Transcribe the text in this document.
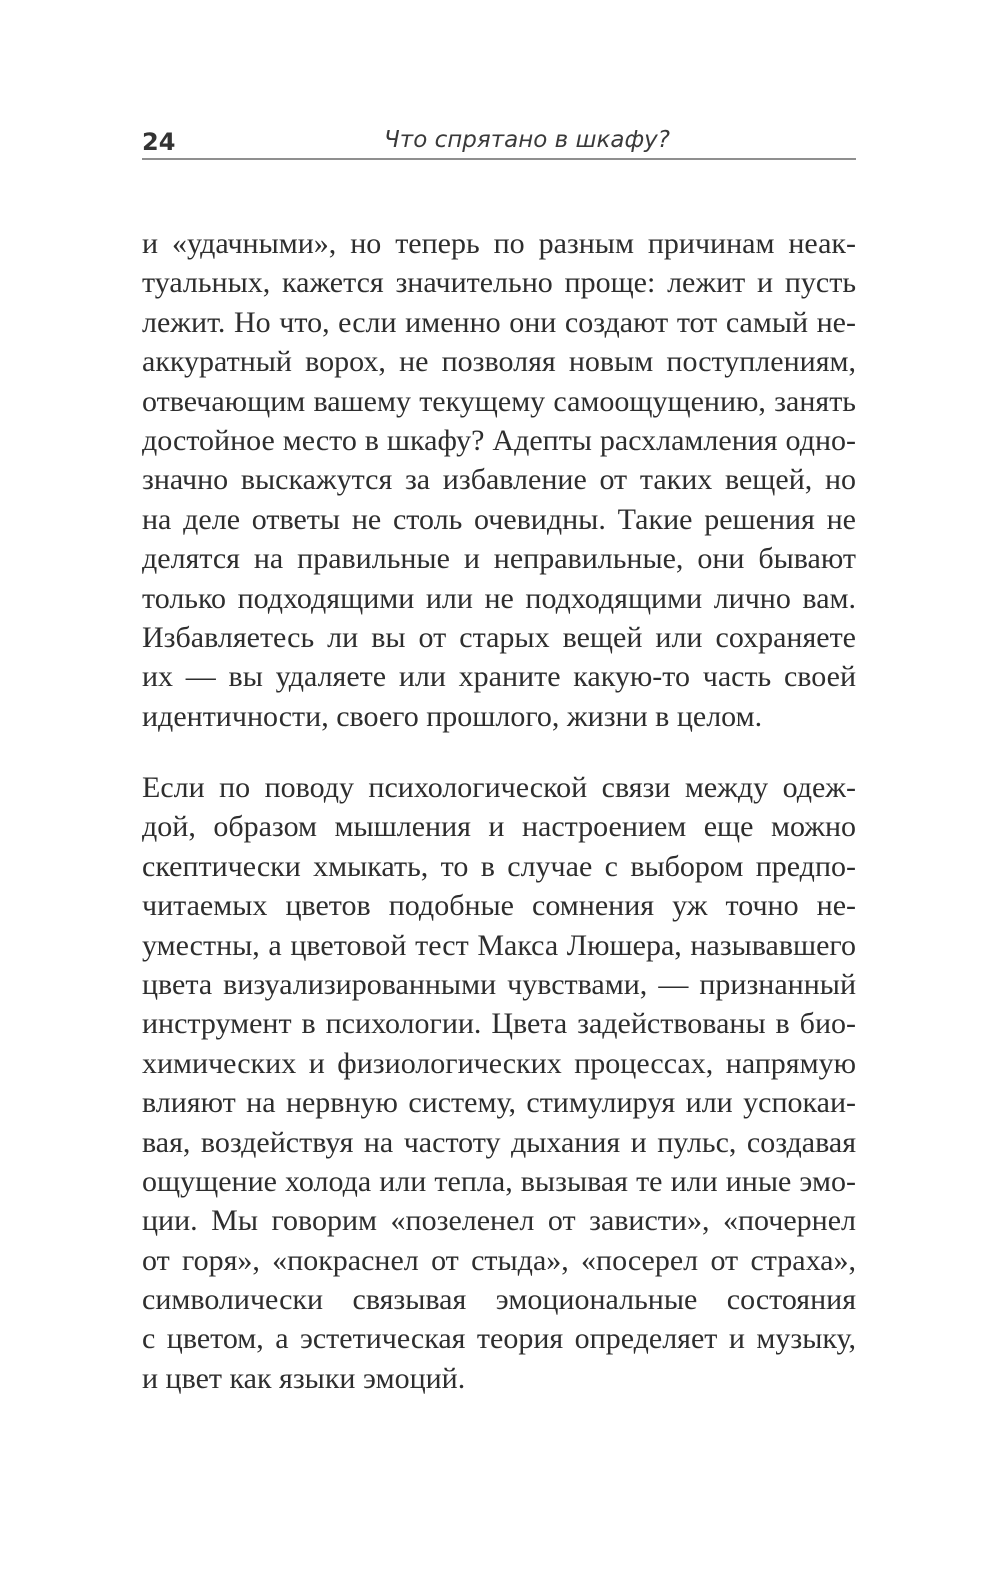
24	Что спрятано в шкафу?
и «удачными», но теперь по разным причинам неак-
туальных, кажется значительно проще: лежит и пусть
лежит. Но что, если именно они создают тот самый не-
аккуратный ворох, не позволяя новым поступлениям,
отвечающим вашему текущему самоощущению, занять
достойное место в шкафу? Адепты расхламления одно-
значно выскажутся за избавление от таких вещей, но
на деле ответы не столь очевидны. Такие решения не
делятся на правильные и неправильные, они бывают
только подходящими или не подходящими лично вам.
Избавляетесь ли вы от старых вещей или сохраняете
их — вы удаляете или храните какую-то часть своей
идентичности, своего прошлого, жизни в целом.
Если по поводу психологической связи между одеж-
дой, образом мышления и настроением еще можно
скептически хмыкать, то в случае с выбором предпо-
читаемых цветов подобные сомнения уж точно не-
уместны, а цветовой тест Макса Люшера, называвшего
цвета визуализированными чувствами, — признанный
инструмент в психологии. Цвета задействованы в био-
химических и физиологических процессах, напрямую
влияют на нервную систему, стимулируя или успокаи-
вая, воздействуя на частоту дыхания и пульс, создавая
ощущение холода или тепла, вызывая те или иные эмо-
ции. Мы говорим «позеленел от зависти», «почернел
от горя», «покраснел от стыда», «посерел от страха»,
символически связывая эмоциональные состояния
с цветом, а эстетическая теория определяет и музыку,
и цвет как языки эмоций.
